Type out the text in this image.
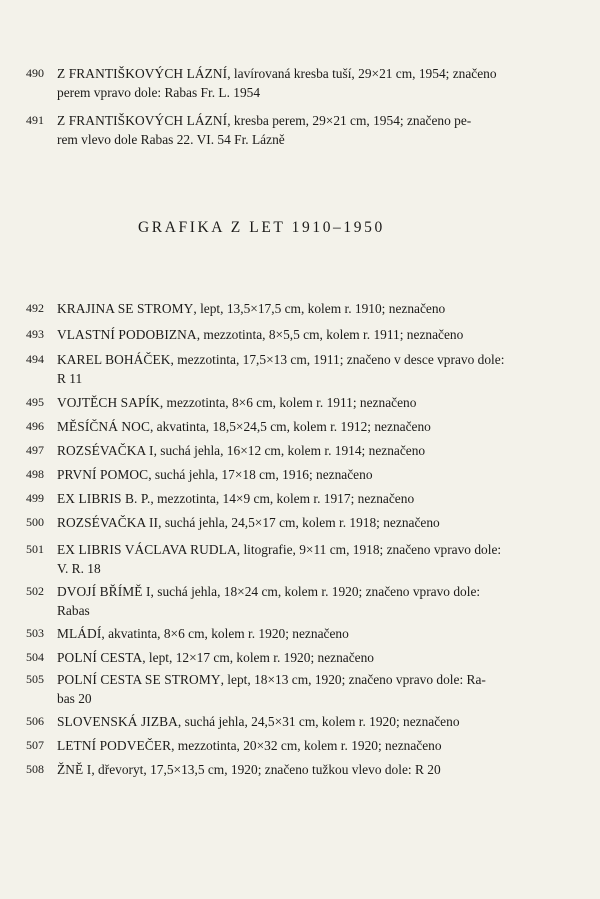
490 Z FRANTIŠKOVÝCH LÁZNÍ, lavírovaná kresba tuší, 29×21 cm, 1954; značeno
perem vpravo dole: Rabas Fr. L. 1954
491 Z FRANTIŠKOVÝCH LÁZNÍ, kresba perem, 29×21 cm, 1954; značeno pe-
rem vlevo dole Rabas 22. VI. 54 Fr. Lázně
GRAFIKA Z LET 1910–1950
492 KRAJINA SE STROMY, lept, 13,5×17,5 cm, kolem r. 1910; neznačeno
493 VLASTNÍ PODOBIZNA, mezzotinta, 8×5,5 cm, kolem r. 1911; neznačeno
494 KAREL BOHÁČEK, mezzotinta, 17,5×13 cm, 1911; značeno v desce vpravo dole:
R 11
495 VOJTĚCH SAPÍK, mezzotinta, 8×6 cm, kolem r. 1911; neznačeno
496 MĚSÍČNÁ NOC, akvatinta, 18,5×24,5 cm, kolem r. 1912; neznačeno
497 ROZSÉVAČKA I, suchá jehla, 16×12 cm, kolem r. 1914; neznačeno
498 PRVNÍ POMOC, suchá jehla, 17×18 cm, 1916; neznačeno
499 EX LIBRIS B. P., mezzotinta, 14×9 cm, kolem r. 1917; neznačeno
500 ROZSÉVAČKA II, suchá jehla, 24,5×17 cm, kolem r. 1918; neznačeno
501 EX LIBRIS VÁCLAVA RUDLA, litografie, 9×11 cm, 1918; značeno vpravo dole:
V. R. 18
502 DVOJÍ BŘÍMĚ I, suchá jehla, 18×24 cm, kolem r. 1920; značeno vpravo dole:
Rabas
503 MLÁDÍ, akvatinta, 8×6 cm, kolem r. 1920; neznačeno
504 POLNÍ CESTA, lept, 12×17 cm, kolem r. 1920; neznačeno
505 POLNÍ CESTA SE STROMY, lept, 18×13 cm, 1920; značeno vpravo dole: Ra-
bas 20
506 SLOVENSKÁ JIZBA, suchá jehla, 24,5×31 cm, kolem r. 1920; neznačeno
507 LETNÍ PODVEČER, mezzotinta, 20×32 cm, kolem r. 1920; neznačeno
508 ŽNĚ I, dřevoryt, 17,5×13,5 cm, 1920; značeno tužkou vlevo dole: R 20
